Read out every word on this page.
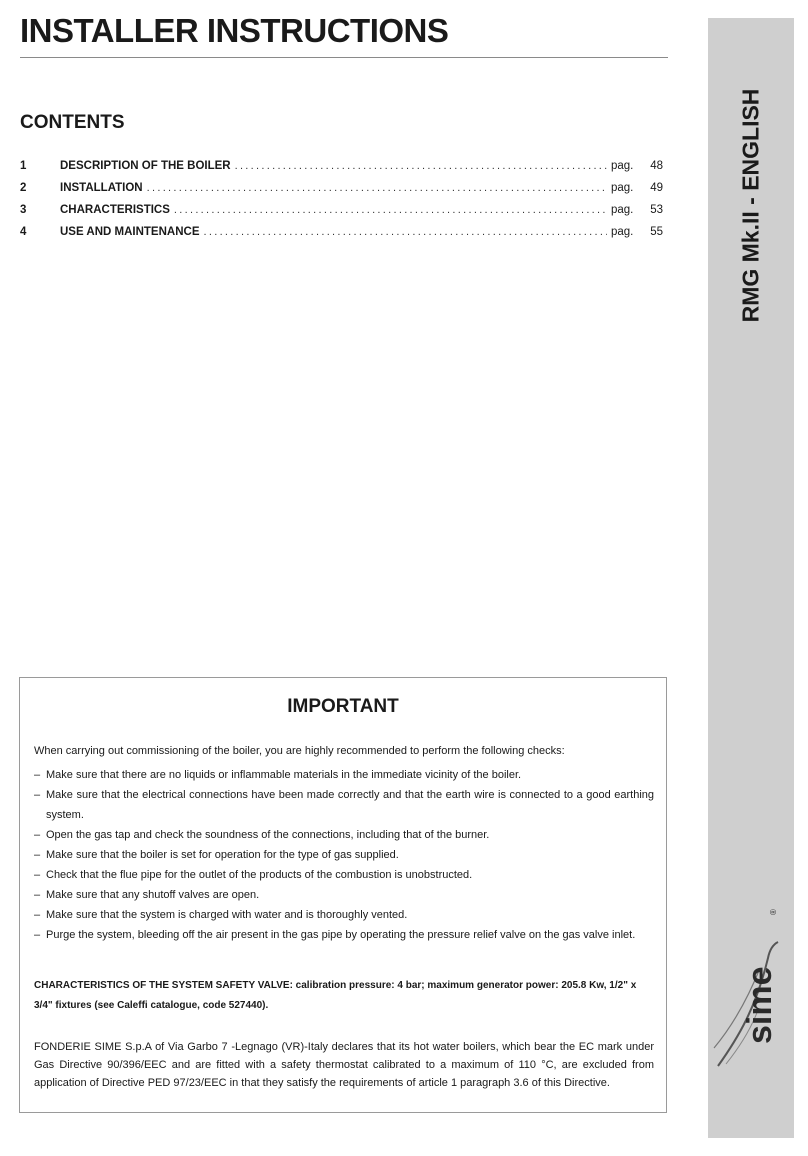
INSTALLER INSTRUCTIONS
CONTENTS
1	DESCRIPTION OF THE BOILER .....	pag.	48
2	INSTALLATION .....	pag.	49
3	CHARACTERISTICS .....	pag.	53
4	USE AND MAINTENANCE .....	pag.	55	RMG Mk.II - ENGLISH
sime
®
IMPORTANT

When carrying out commissioning of the boiler, you are highly recommended to perform the following checks:

– Make sure that there are no liquids or inflammable materials in the immediate vicinity of the boiler.
– Make sure that the electrical connections have been made correctly and that the earth wire is connected to a good earthing system.
– Open the gas tap and check the soundness of the connections, including that of the burner.
– Make sure that the boiler is set for operation for the type of gas supplied.
– Check that the flue pipe for the outlet of the products of the combustion is unobstructed.
– Make sure that any shutoff valves are open.
– Make sure that the system is charged with water and is thoroughly vented.
– Purge the system, bleeding off the air present in the gas pipe by operating the pressure relief valve on the gas valve inlet.

CHARACTERISTICS OF THE SYSTEM SAFETY VALVE: calibration pressure: 4 bar; maximum generator power: 205.8 Kw, 1/2" x 3/4" fixtures (see Caleffi catalogue, code 527440).

FONDERIE SIME S.p.A of Via Garbo 7 -Legnago (VR)-Italy declares that its hot water boilers, which bear the EC mark under Gas Directive 90/396/EEC and are fitted with a safety thermostat calibrated to a maximum of 110 °C, are excluded from application of Directive PED 97/23/EEC in that they satisfy the requirements of article 1 paragraph 3.6 of this Directive.
